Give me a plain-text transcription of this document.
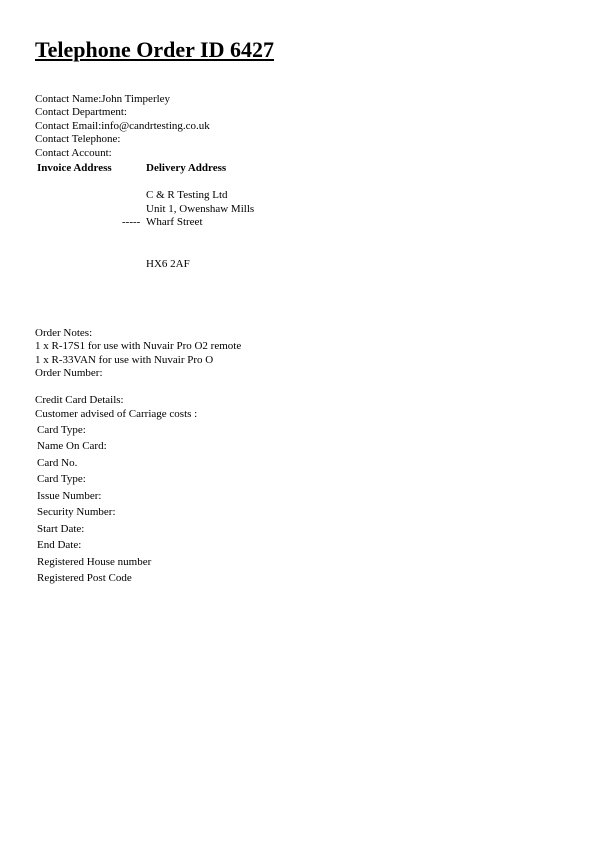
Telephone Order ID 6427
Contact Name:John Timperley
Contact Department:
Contact Email:info@candrtesting.co.uk
Contact Telephone:
Contact Account:
Invoice Address	Delivery Address
C & R Testing Ltd
Unit 1, Owenshaw Mills
----- Wharf Street
HX6 2AF
Order Notes:
1 x R-17S1 for use with Nuvair Pro O2 remote
1 x R-33VAN for use with Nuvair Pro O
Order Number:
Credit Card Details:
Customer advised of Carriage costs :
Card Type:
Name On Card:
Card No.
Card Type:
Issue Number:
Security Number:
Start Date:
End Date:
Registered House number
Registered Post Code
